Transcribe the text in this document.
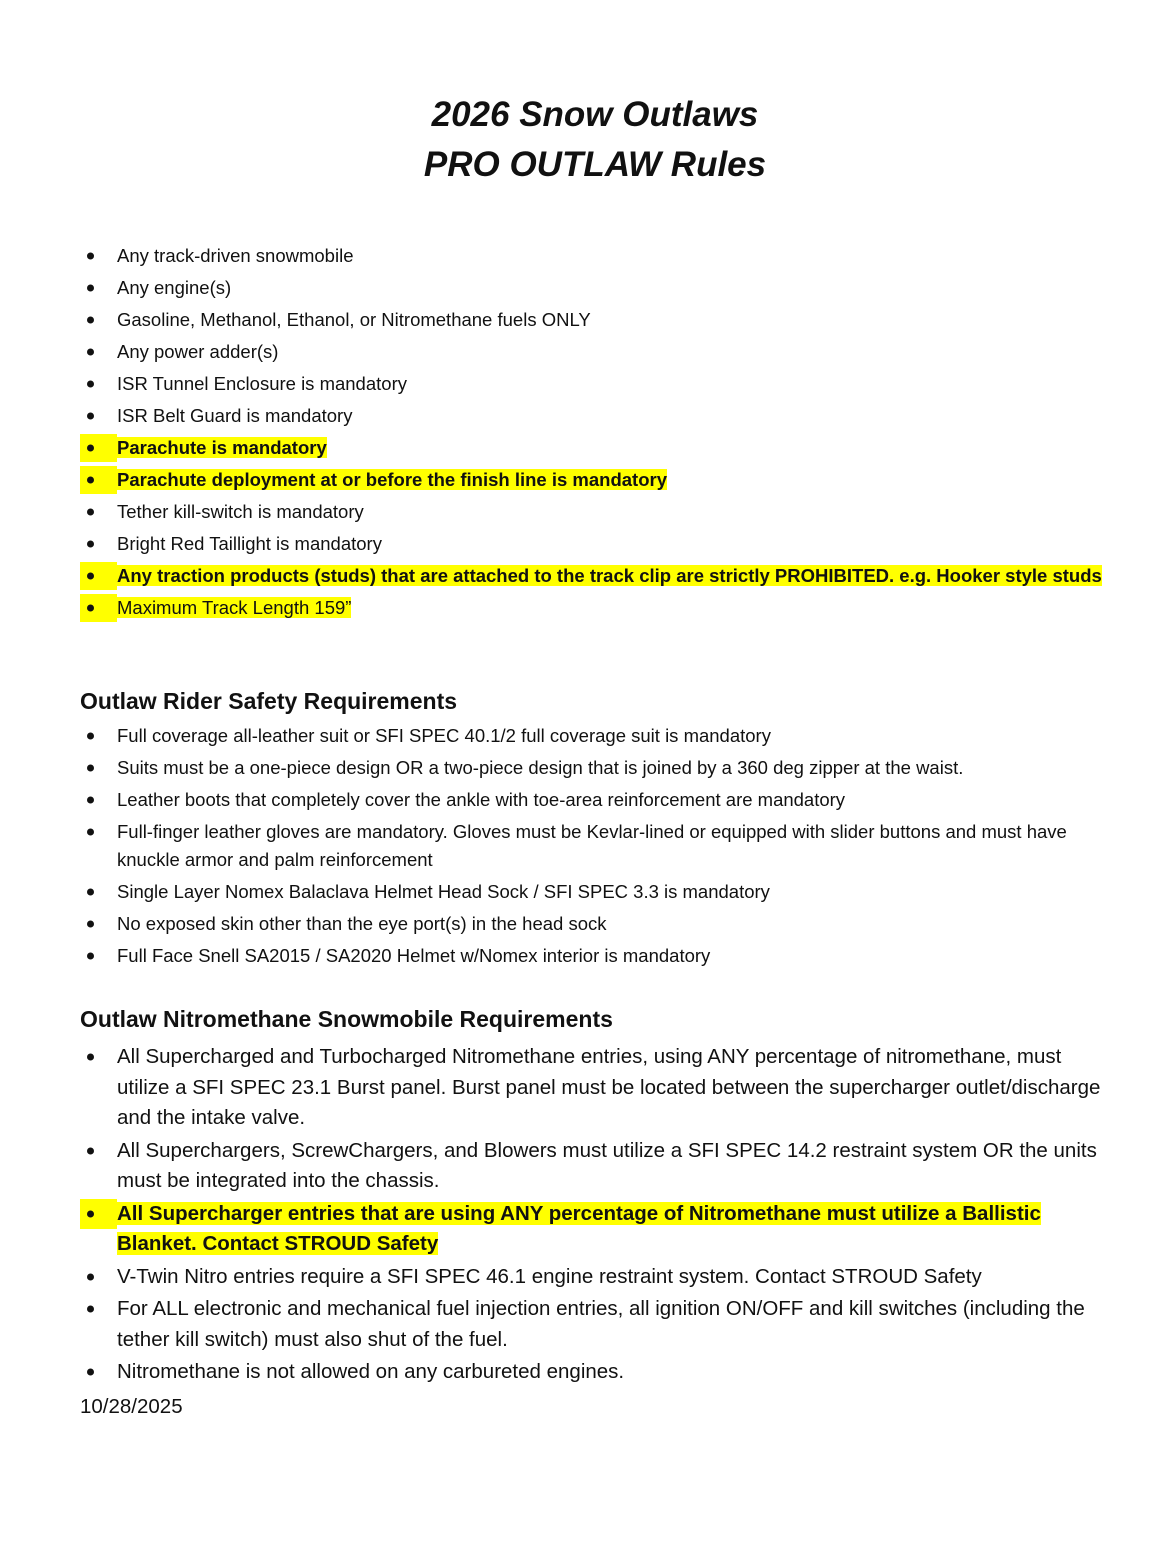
2026 Snow Outlaws
PRO OUTLAW Rules
Any track-driven snowmobile
Any engine(s)
Gasoline, Methanol, Ethanol, or Nitromethane fuels ONLY
Any power adder(s)
ISR Tunnel Enclosure is mandatory
ISR Belt Guard is mandatory
Parachute is mandatory
Parachute deployment at or before the finish line is mandatory
Tether kill-switch is mandatory
Bright Red Taillight is mandatory
Any traction products (studs) that are attached to the track clip are strictly PROHIBITED. e.g. Hooker style studs
Maximum Track Length 159”
Outlaw Rider Safety Requirements
Full coverage all-leather suit or SFI SPEC 40.1/2 full coverage suit is mandatory
Suits must be a one-piece design OR a two-piece design that is joined by a 360 deg zipper at the waist.
Leather boots that completely cover the ankle with toe-area reinforcement are mandatory
Full-finger leather gloves are mandatory. Gloves must be Kevlar-lined or equipped with slider buttons and must have knuckle armor and palm reinforcement
Single Layer Nomex Balaclava Helmet Head Sock / SFI SPEC 3.3 is mandatory
No exposed skin other than the eye port(s) in the head sock
Full Face Snell SA2015 / SA2020 Helmet w/Nomex interior is mandatory
Outlaw Nitromethane Snowmobile Requirements
All Supercharged and Turbocharged Nitromethane entries, using ANY percentage of nitromethane, must utilize a SFI SPEC 23.1 Burst panel. Burst panel must be located between the supercharger outlet/discharge and the intake valve.
All Superchargers, ScrewChargers, and Blowers must utilize a SFI SPEC 14.2 restraint system OR the units must be integrated into the chassis.
All Supercharger entries that are using ANY percentage of Nitromethane must utilize a Ballistic Blanket. Contact STROUD Safety
V-Twin Nitro entries require a SFI SPEC 46.1 engine restraint system. Contact STROUD Safety
For ALL electronic and mechanical fuel injection entries, all ignition ON/OFF and kill switches (including the tether kill switch) must also shut of the fuel.
Nitromethane is not allowed on any carbureted engines.
10/28/2025
